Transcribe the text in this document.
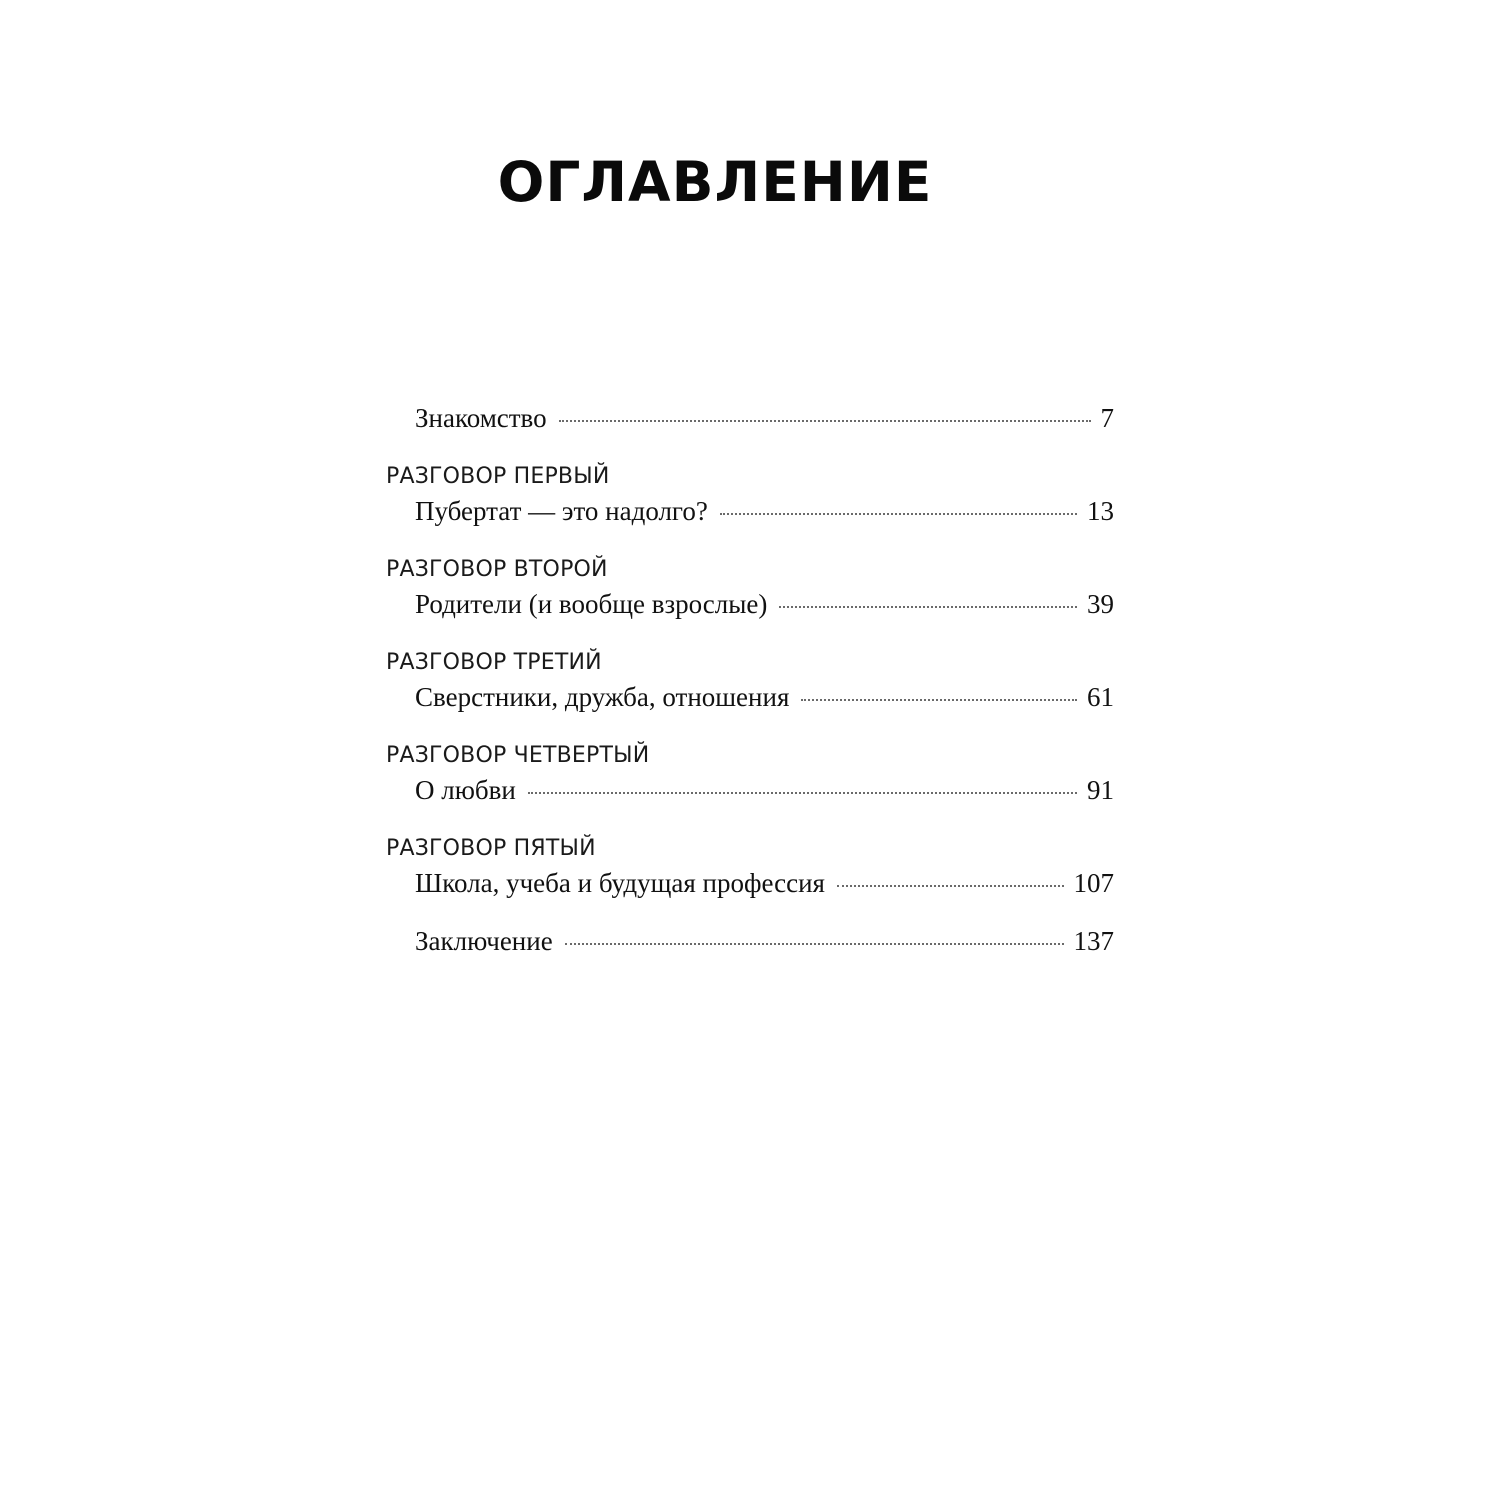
ОГЛАВЛЕНИЕ
Знакомство	7
РАЗГОВОР ПЕРВЫЙ
Пубертат — это надолго?	13
РАЗГОВОР ВТОРОЙ
Родители (и вообще взрослые)	39
РАЗГОВОР ТРЕТИЙ
Сверстники, дружба, отношения	61
РАЗГОВОР ЧЕТВЕРТЫЙ
О любви	91
РАЗГОВОР ПЯТЫЙ
Школа, учеба и будущая профессия	107
Заключение	137
